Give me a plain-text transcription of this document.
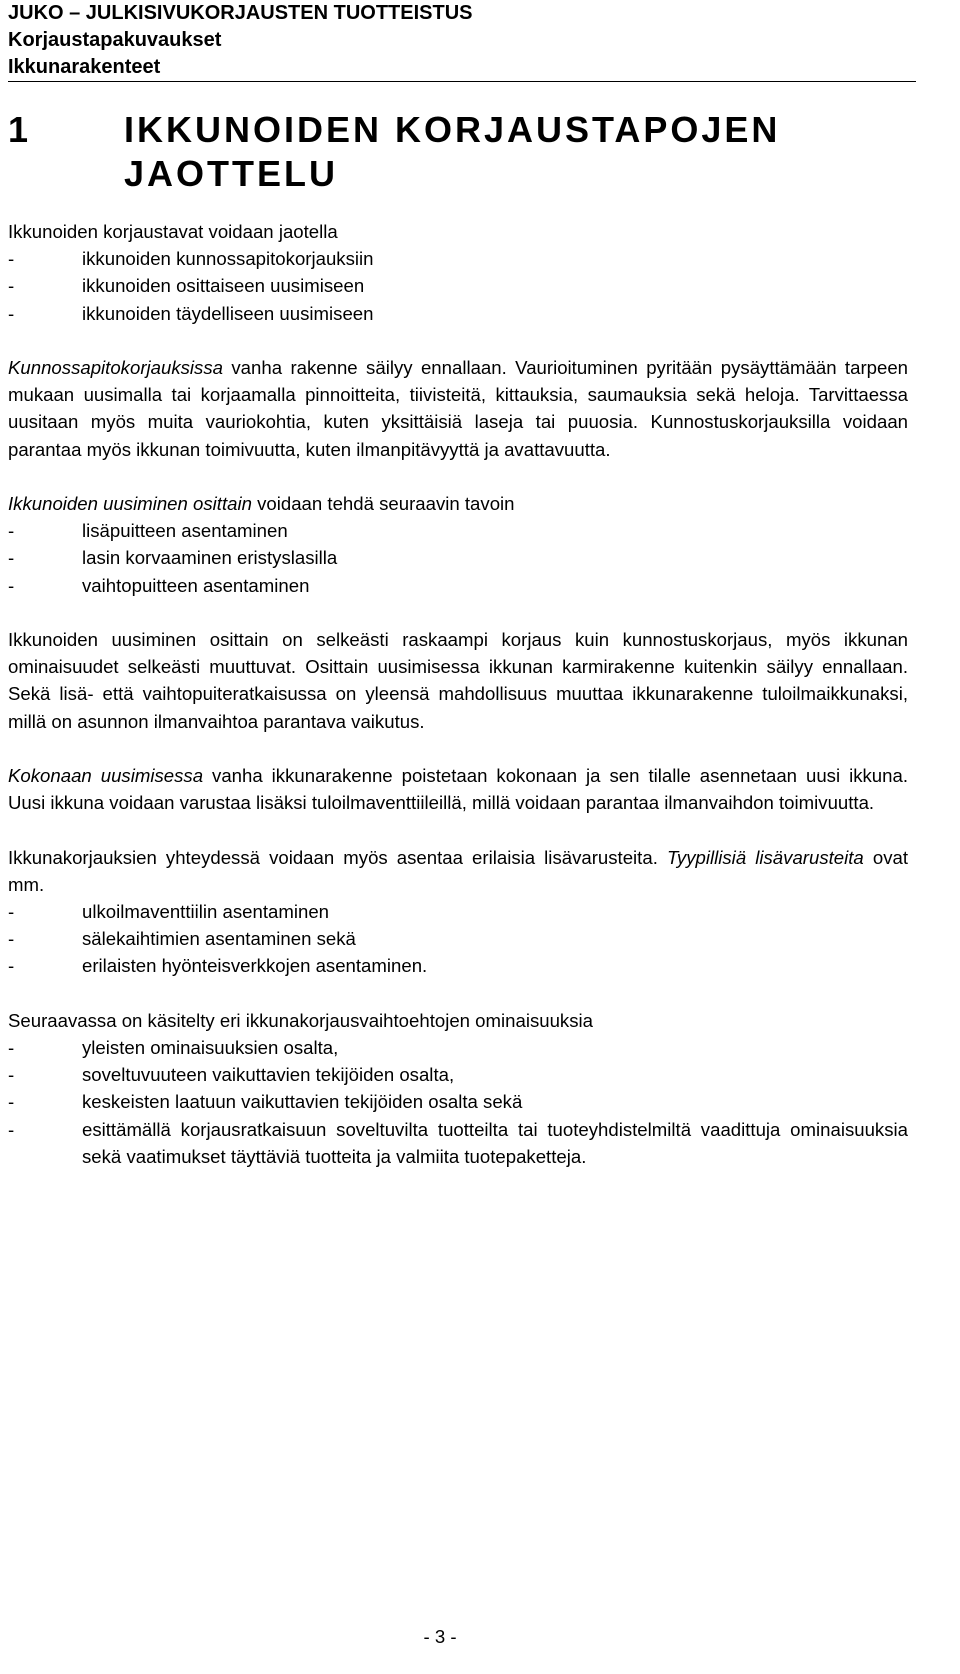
JUKO – JULKISIVUKORJAUSTEN TUOTTEISTUS

Korjaustapakuvaukset

Ikkunarakenteet

1	IKKUNOIDEN KORJAUSTAPOJEN
JAOTTELU

Ikkunoiden korjaustavat voidaan jaotella

- ikkunoiden kunnossapitokorjauksiin
- ikkunoiden osittaiseen uusimiseen
- ikkunoiden täydelliseen uusimiseen

Kunnossapitokorjauksissa vanha rakenne säilyy ennallaan. Vaurioituminen pyritään pysäyttämään tarpeen mukaan uusimalla tai korjaamalla pinnoitteita, tiivisteitä, kittauksia, saumauksia sekä heloja. Tarvittaessa uusitaan myös muita vauriokohtia, kuten yksittäisiä laseja tai puuosia. Kunnostuskorjauksilla voidaan parantaa myös ikkunan toimivuutta, kuten ilmanpitävyyttä ja avattavuutta.

Ikkunoiden uusiminen osittain voidaan tehdä seuraavin tavoin

- lisäpuitteen asentaminen
- lasin korvaaminen eristyslasilla
- vaihtopuitteen asentaminen

Ikkunoiden uusiminen osittain on selkeästi raskaampi korjaus kuin kunnostuskorjaus, myös ikkunan ominaisuudet selkeästi muuttuvat. Osittain uusimisessa ikkunan karmirakenne kuitenkin säilyy ennallaan. Sekä lisä- että vaihtopuiteratkaisussa on yleensä mahdollisuus muuttaa ikkunarakenne tuloilmaikkunaksi, millä on asunnon ilmanvaihtoa parantava vaikutus.

Kokonaan uusimisessa vanha ikkunarakenne poistetaan kokonaan ja sen tilalle asennetaan uusi ikkuna. Uusi ikkuna voidaan varustaa lisäksi tuloilmaventtiileillä, millä voidaan parantaa ilmanvaihdon toimivuutta.

Ikkunakorjauksien yhteydessä voidaan myös asentaa erilaisia lisävarusteita. Tyypillisiä lisävarusteita ovat mm.

- ulkoilmaventtiilin asentaminen
- sälekaihtimien asentaminen sekä
- erilaisten hyönteisverkkojen asentaminen.

Seuraavassa on käsitelty eri ikkunakorjausvaihtoehtojen ominaisuuksia

- yleisten ominaisuuksien osalta,
- soveltuvuuteen vaikuttavien tekijöiden osalta,
- keskeisten laatuun vaikuttavien tekijöiden osalta sekä
- esittämällä korjausratkaisuun soveltuvilta tuotteilta tai tuoteyhdistelmiltä vaadittuja ominaisuuksia sekä vaatimukset täyttäviä tuotteita ja valmiita tuotepaketteja.
- 3 -
